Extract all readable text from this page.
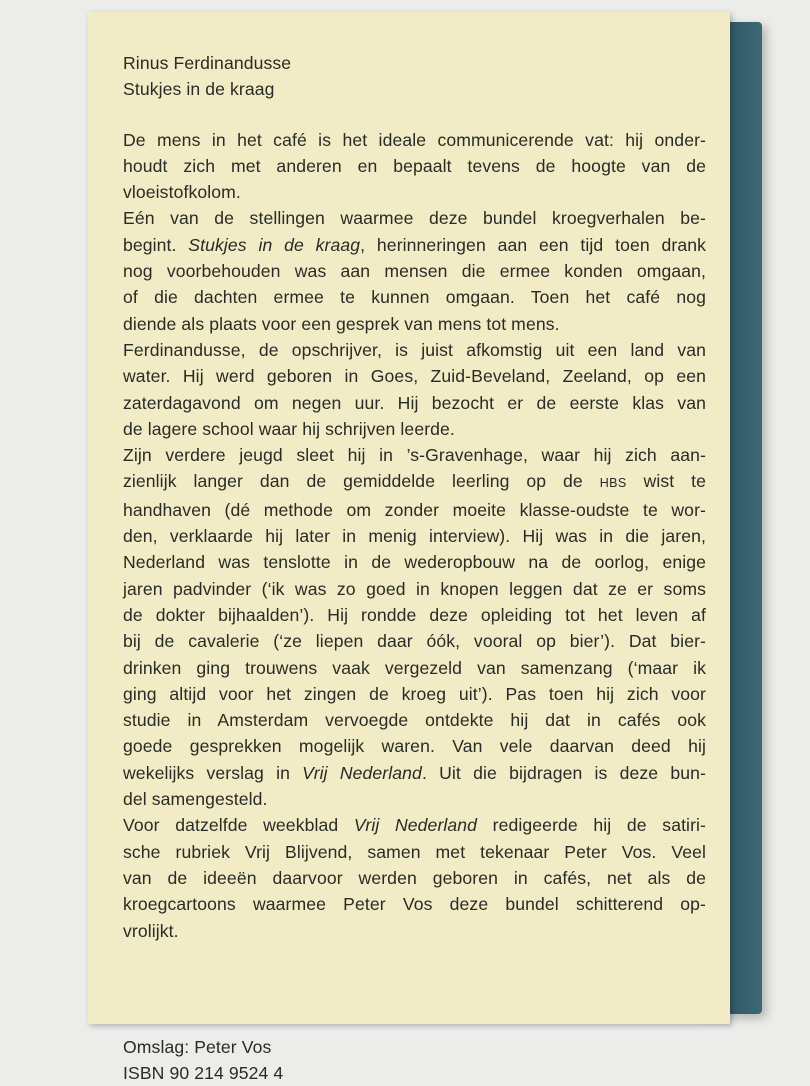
Rinus Ferdinandusse
Stukjes in de kraag
De mens in het café is het ideale communicerende vat: hij onder-
houdt zich met anderen en bepaalt tevens de hoogte van de
vloeistofkolom.
Eén van de stellingen waarmee deze bundel kroegverhalen be-
begint. Stukjes in de kraag, herinneringen aan een tijd toen drank
nog voorbehouden was aan mensen die ermee konden omgaan,
of die dachten ermee te kunnen omgaan. Toen het café nog
diende als plaats voor een gesprek van mens tot mens.
Ferdinandusse, de opschrijver, is juist afkomstig uit een land van
water. Hij werd geboren in Goes, Zuid-Beveland, Zeeland, op een
zaterdagavond om negen uur. Hij bezocht er de eerste klas van
de lagere school waar hij schrijven leerde.
Zijn verdere jeugd sleet hij in ’s-Gravenhage, waar hij zich aan-
zienlijk langer dan de gemiddelde leerling op de HBS wist te
handhaven (dé methode om zonder moeite klasse-oudste te wor-
den, verklaarde hij later in menig interview). Hij was in die jaren,
Nederland was tenslotte in de wederopbouw na de oorlog, enige
jaren padvinder (‘ik was zo goed in knopen leggen dat ze er soms
de dokter bijhaalden’). Hij rondde deze opleiding tot het leven af
bij de cavalerie (‘ze liepen daar óók, vooral op bier’). Dat bier-
drinken ging trouwens vaak vergezeld van samenzang (‘maar ik
ging altijd voor het zingen de kroeg uit’). Pas toen hij zich voor
studie in Amsterdam vervoegde ontdekte hij dat in cafés ook
goede gesprekken mogelijk waren. Van vele daarvan deed hij
wekelijks verslag in Vrij Nederland. Uit die bijdragen is deze bun-
del samengesteld.
Voor datzelfde weekblad Vrij Nederland redigeerde hij de satiri-
sche rubriek Vrij Blijvend, samen met tekenaar Peter Vos. Veel
van de ideeën daarvoor werden geboren in cafés, net als de
kroegcartoons waarmee Peter Vos deze bundel schitterend op-
vrolijkt.
Omslag: Peter Vos
ISBN 90 214 9524 4
